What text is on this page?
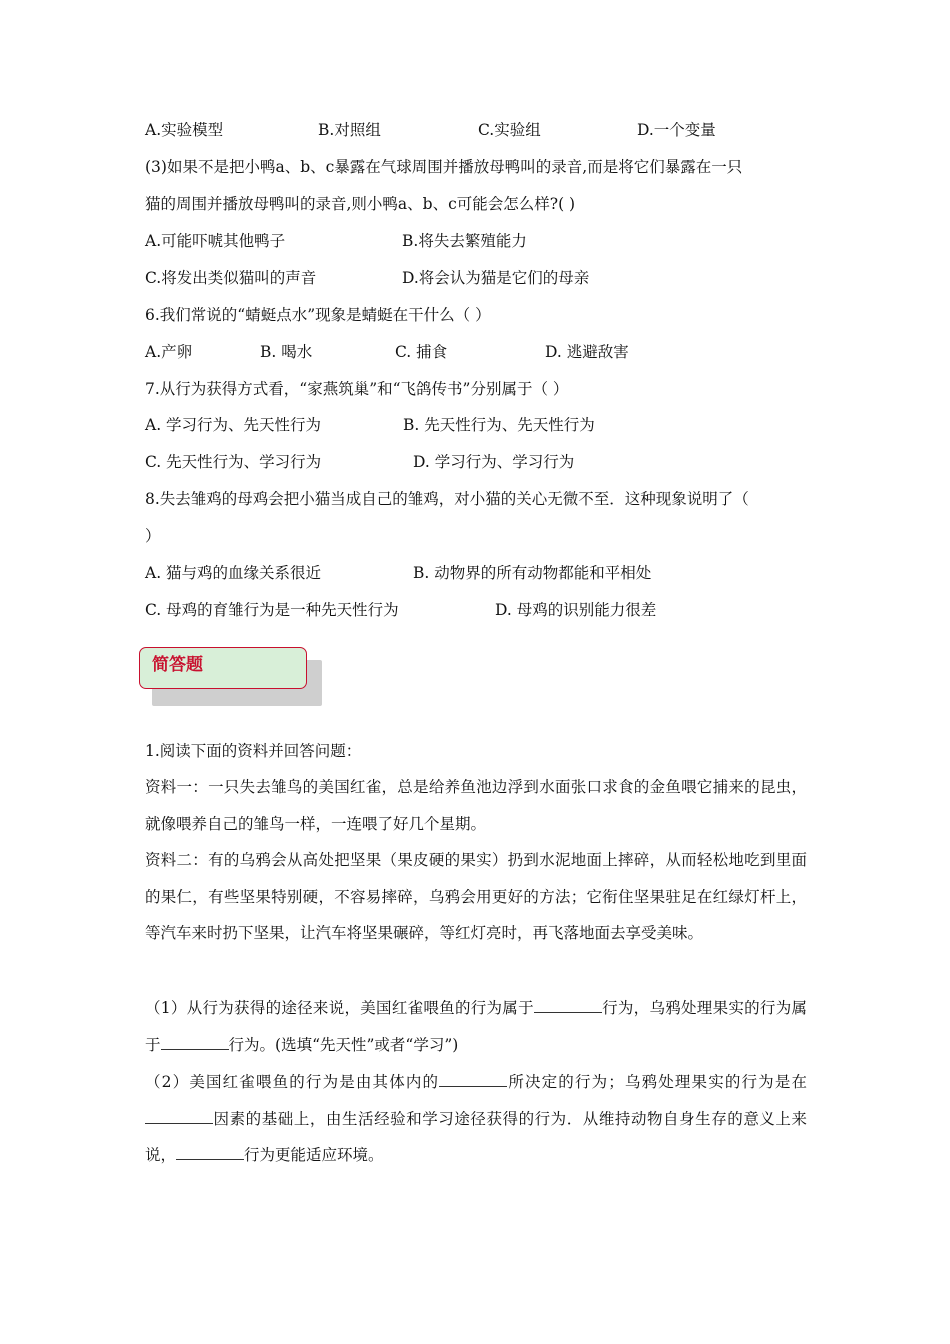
A.实验模型	B.对照组	C.实验组	D.一个变量
(3)如果不是把小鸭a、b、c暴露在气球周围并播放母鸭叫的录音,而是将它们暴露在一只
猫的周围并播放母鸭叫的录音,则小鸭a、b、c可能会怎么样?( )
A.可能吓唬其他鸭子	B.将失去繁殖能力
C.将发出类似猫叫的声音	D.将会认为猫是它们的母亲
6.我们常说的“蜻蜓点水”现象是蜻蜓在干什么（ ）
A.产卵	B. 喝水	C. 捕食	D. 逃避敌害
7.从行为获得方式看，“家燕筑巢”和“飞鸽传书”分别属于（ ）
A. 学习行为、先天性行为	B. 先天性行为、先天性行为
C. 先天性行为、学习行为	D. 学习行为、学习行为
8.失去雏鸡的母鸡会把小猫当成自己的雏鸡，对小猫的关心无微不至．这种现象说明了（
）
A. 猫与鸡的血缘关系很近	B. 动物界的所有动物都能和平相处
C. 母鸡的育雏行为是一种先天性行为	D. 母鸡的识别能力很差
简答题
1.阅读下面的资料并回答问题：
资料一：一只失去雏鸟的美国红雀，总是给养鱼池边浮到水面张口求食的金鱼喂它捕来的昆虫，就像喂养自己的雏鸟一样，一连喂了好几个星期。
资料二：有的乌鸦会从高处把坚果（果皮硬的果实）扔到水泥地面上摔碎，从而轻松地吃到里面的果仁，有些坚果特别硬，不容易摔碎，乌鸦会用更好的方法；它衔住坚果驻足在红绿灯杆上，等汽车来时扔下坚果，让汽车将坚果碾碎，等红灯亮时，再飞落地面去享受美味。
（1）从行为获得的途径来说，美国红雀喂鱼的行为属于	行为，乌鸦处理果实的行为属于	行为。(选填“先天性”或者“学习”)
（2）美国红雀喂鱼的行为是由其体内的	所决定的行为；乌鸦处理果实的行为是在因素的基础上，由生活经验和学习途径获得的行为．从维持动物自身生存的意义上来说，	行为更能适应环境。
